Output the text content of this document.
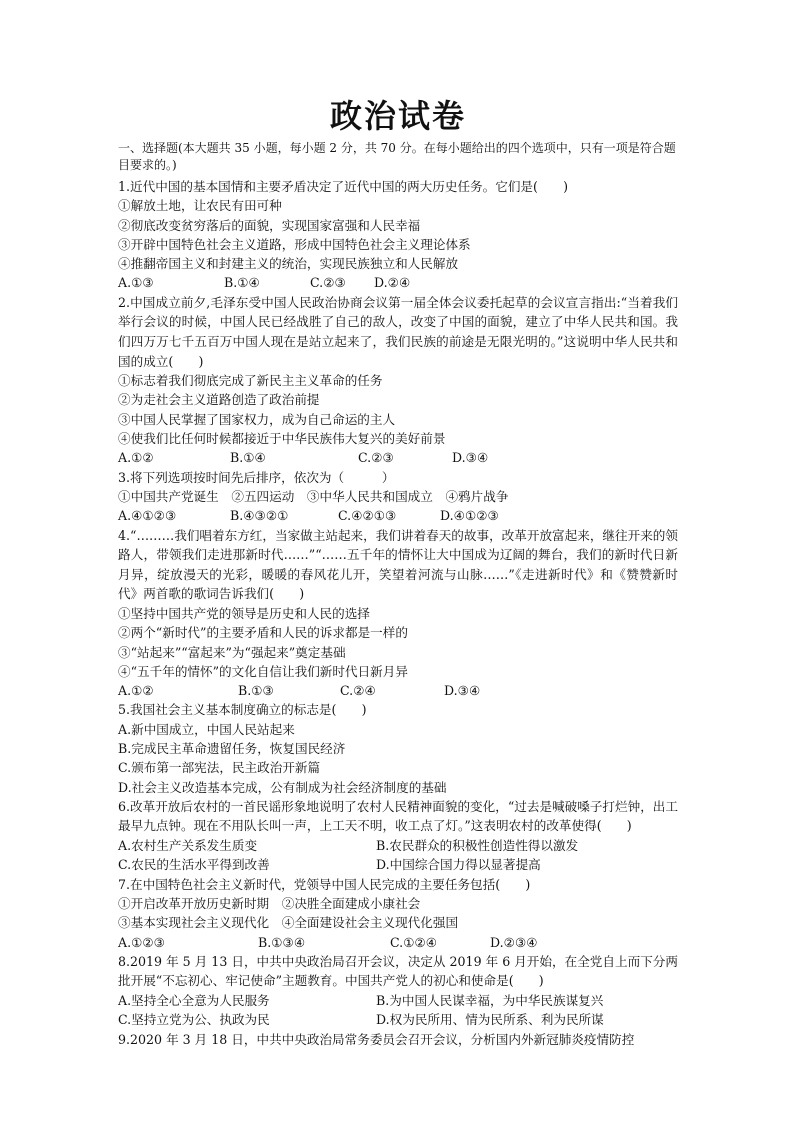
政治试卷
一、选择题(本大题共 35 小题，每小题 2 分，共 70 分。在每小题给出的四个选项中，只有一项是符合题目要求的。)
1.近代中国的基本国情和主要矛盾决定了近代中国的两大历史任务。它们是(　　)
①解放土地，让农民有田可种
②彻底改变贫穷落后的面貌，实现国家富强和人民幸福
③开辟中国特色社会主义道路，形成中国特色社会主义理论体系
④推翻帝国主义和封建主义的统治，实现民族独立和人民解放
A.①③	B.①④	C.②③	D.②④
2.中国成立前夕,毛泽东受中国人民政治协商会议第一届全体会议委托起草的会议宣言指出:“当着我们举行会议的时候，中国人民已经战胜了自己的敌人，改变了中国的面貌，建立了中华人民共和国。我们四万万七千五百万中国人现在是站立起来了，我们民族的前途是无限光明的。”这说明中华人民共和国的成立(　　)
①标志着我们彻底完成了新民主主义革命的任务
②为走社会主义道路创造了政治前提
③中国人民掌握了国家权力，成为自己命运的主人
④使我们比任何时候都接近于中华民族伟大复兴的美好前景
A.①②	B.①④	C.②③	D.③④
3.将下列选项按时间先后排序，依次为（　　　）
①中国共产党诞生　②五四运动　③中华人民共和国成立　④鸦片战争
A.④①②③	B.④③②①	C.④②①③	D.④①②③
4.“………我们唱着东方红，当家做主站起来，我们讲着春天的故事，改革开放富起来，继往开来的领路人，带领我们走进那新时代……”“……五千年的情怀让大中国成为辽阔的舞台，我们的新时代日新月异，绽放漫天的光彩，暖暖的春风花儿开，笑望着河流与山脉……”《走进新时代》和《赞赞新时代》两首歌的歌词告诉我们(　　)
①坚持中国共产党的领导是历史和人民的选择
②两个“新时代”的主要矛盾和人民的诉求都是一样的
③“站起来”“富起来”为“强起来”奠定基础
④“五千年的情怀”的文化自信让我们新时代日新月异
A.①②	B.①③	C.②④	D.③④
5.我国社会主义基本制度确立的标志是(　　)
A.新中国成立，中国人民站起来
B.完成民主革命遗留任务，恢复国民经济
C.颁布第一部宪法，民主政治开新篇
D.社会主义改造基本完成，公有制成为社会经济制度的基础
6.改革开放后农村的一首民谣形象地说明了农村人民精神面貌的变化，“过去是喊破嗓子打烂钟，出工最早九点钟。现在不用队长叫一声，上工天不明，收工点了灯。”这表明农村的改革使得(　　)
A.农村生产关系发生质变	B.农民群众的积极性创造性得以激发
C.农民的生活水平得到改善	D.中国综合国力得以显著提高
7.在中国特色社会主义新时代，党领导中国人民完成的主要任务包括(　　)
①开启改革开放历史新时期　②决胜全面建成小康社会
③基本实现社会主义现代化　④全面建设社会主义现代化强国
A.①②③	B.①③④	C.①②④	D.②③④
8.2019 年 5 月 13 日，中共中央政治局召开会议，决定从 2019 年 6 月开始，在全党自上而下分两批开展“不忘初心、牢记使命”主题教育。中国共产党人的初心和使命是(　　)
A.坚持全心全意为人民服务	B.为中国人民谋幸福，为中华民族谋复兴
C.坚持立党为公、执政为民	D.权为民所用、情为民所系、利为民所谋
9.2020 年 3 月 18 日，中共中央政治局常务委员会召开会议，分析国内外新冠肺炎疫情防控
